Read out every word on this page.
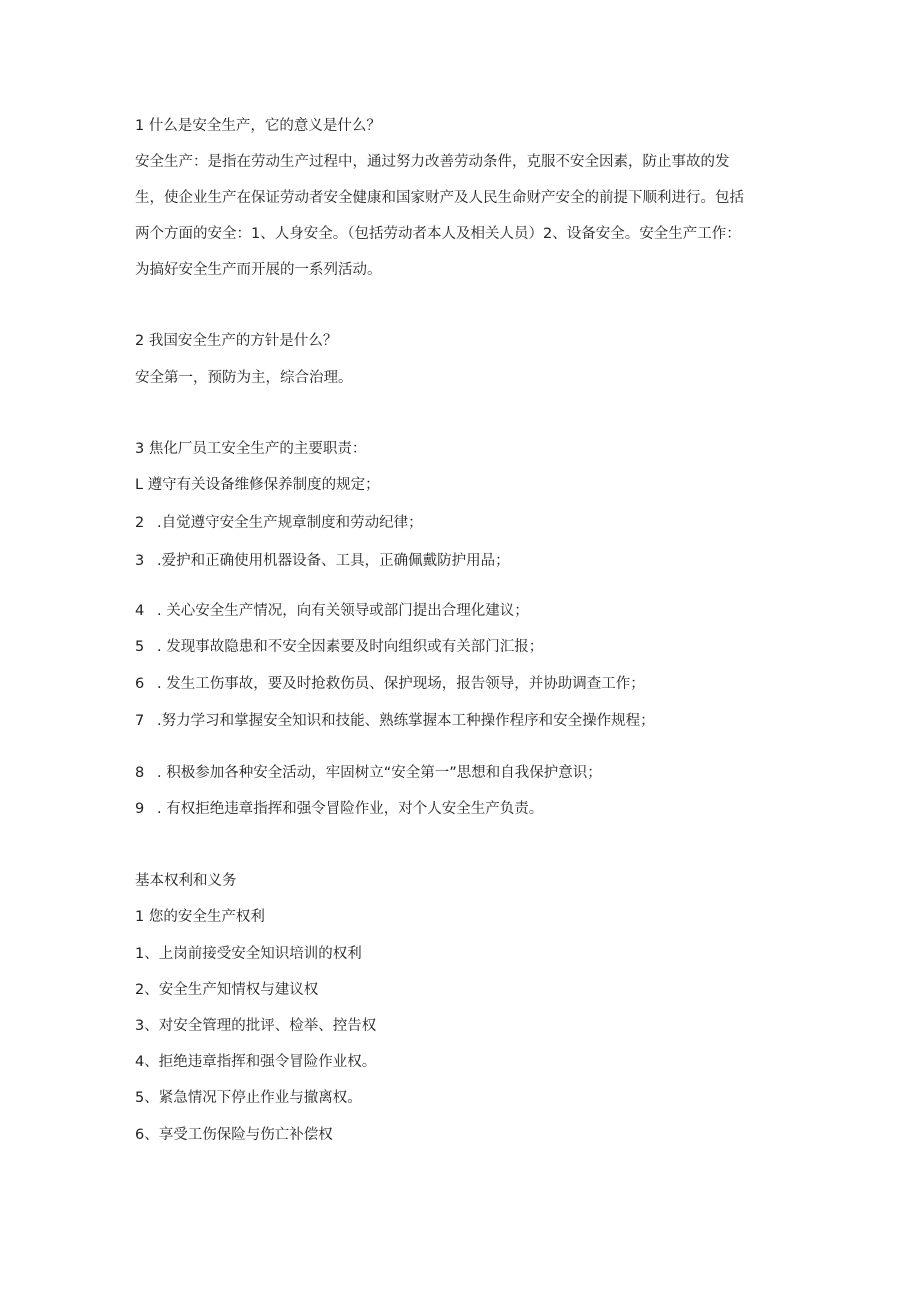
1 什么是安全生产，它的意义是什么？
安全生产：是指在劳动生产过程中，通过努力改善劳动条件，克服不安全因素，防止事故的发
生，使企业生产在保证劳动者安全健康和国家财产及人民生命财产安全的前提下顺利进行。包括
两个方面的安全：1、人身安全。（包括劳动者本人及相关人员）2、设备安全。安全生产工作：
为搞好安全生产而开展的一系列活动。
2 我国安全生产的方针是什么？
安全第一，预防为主，综合治理。
3 焦化厂员工安全生产的主要职责：
L 遵守有关设备维修保养制度的规定；
2 .自觉遵守安全生产规章制度和劳动纪律；
3 .爱护和正确使用机器设备、工具，正确佩戴防护用品；
4 . 关心安全生产情况，向有关领导或部门提出合理化建议；
5 . 发现事故隐患和不安全因素要及时向组织或有关部门汇报；
6 . 发生工伤事故，要及时抢救伤员、保护现场，报告领导，并协助调查工作；
7 .努力学习和掌握安全知识和技能、熟练掌握本工种操作程序和安全操作规程；
8 . 积极参加各种安全活动，牢固树立“安全第一”思想和自我保护意识；
9 . 有权拒绝违章指挥和强令冒险作业，对个人安全生产负责。
基本权利和义务
1 您的安全生产权利
1、上岗前接受安全知识培训的权利
2、安全生产知情权与建议权
3、对安全管理的批评、检举、控告权
4、拒绝违章指挥和强令冒险作业权。
5、紧急情况下停止作业与撤离权。
6、享受工伤保险与伤亡补偿权
